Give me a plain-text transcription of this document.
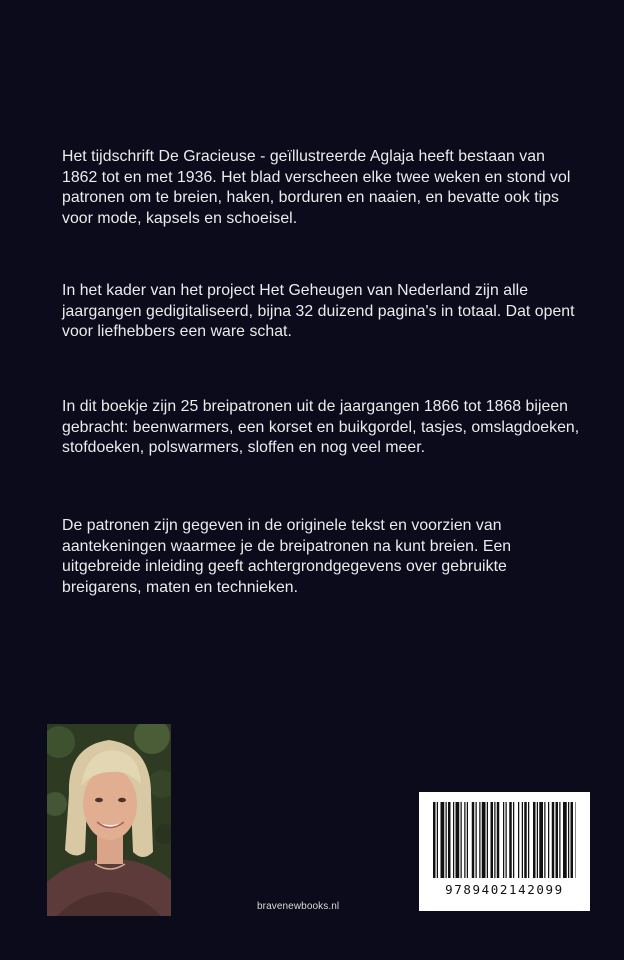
Het tijdschrift De Gracieuse - geïllustreerde Aglaja heeft bestaan van 1862 tot en met 1936. Het blad verscheen elke twee weken en stond vol patronen om te breien, haken, borduren en naaien, en bevatte ook tips voor mode, kapsels en schoeisel.

In het kader van het project Het Geheugen van Nederland zijn alle jaargangen gedigitaliseerd, bijna 32 duizend pagina's in totaal. Dat opent voor liefhebbers een ware schat.

In dit boekje zijn 25 breipatronen uit de jaargangen 1866 tot 1868 bijeen gebracht: beenwarmers, een korset en buikgordel, tasjes, omslagdoeken, stofdoeken, polswarmers, sloffen en nog veel meer.

De patronen zijn gegeven in de originele tekst en voorzien van aantekeningen waarmee je de breipatronen na kunt breien. Een uitgebreide inleiding geeft achtergrondgegevens over gebruikte breigarens, maten en technieken.

bravenewbooks.nl
9789402142099
